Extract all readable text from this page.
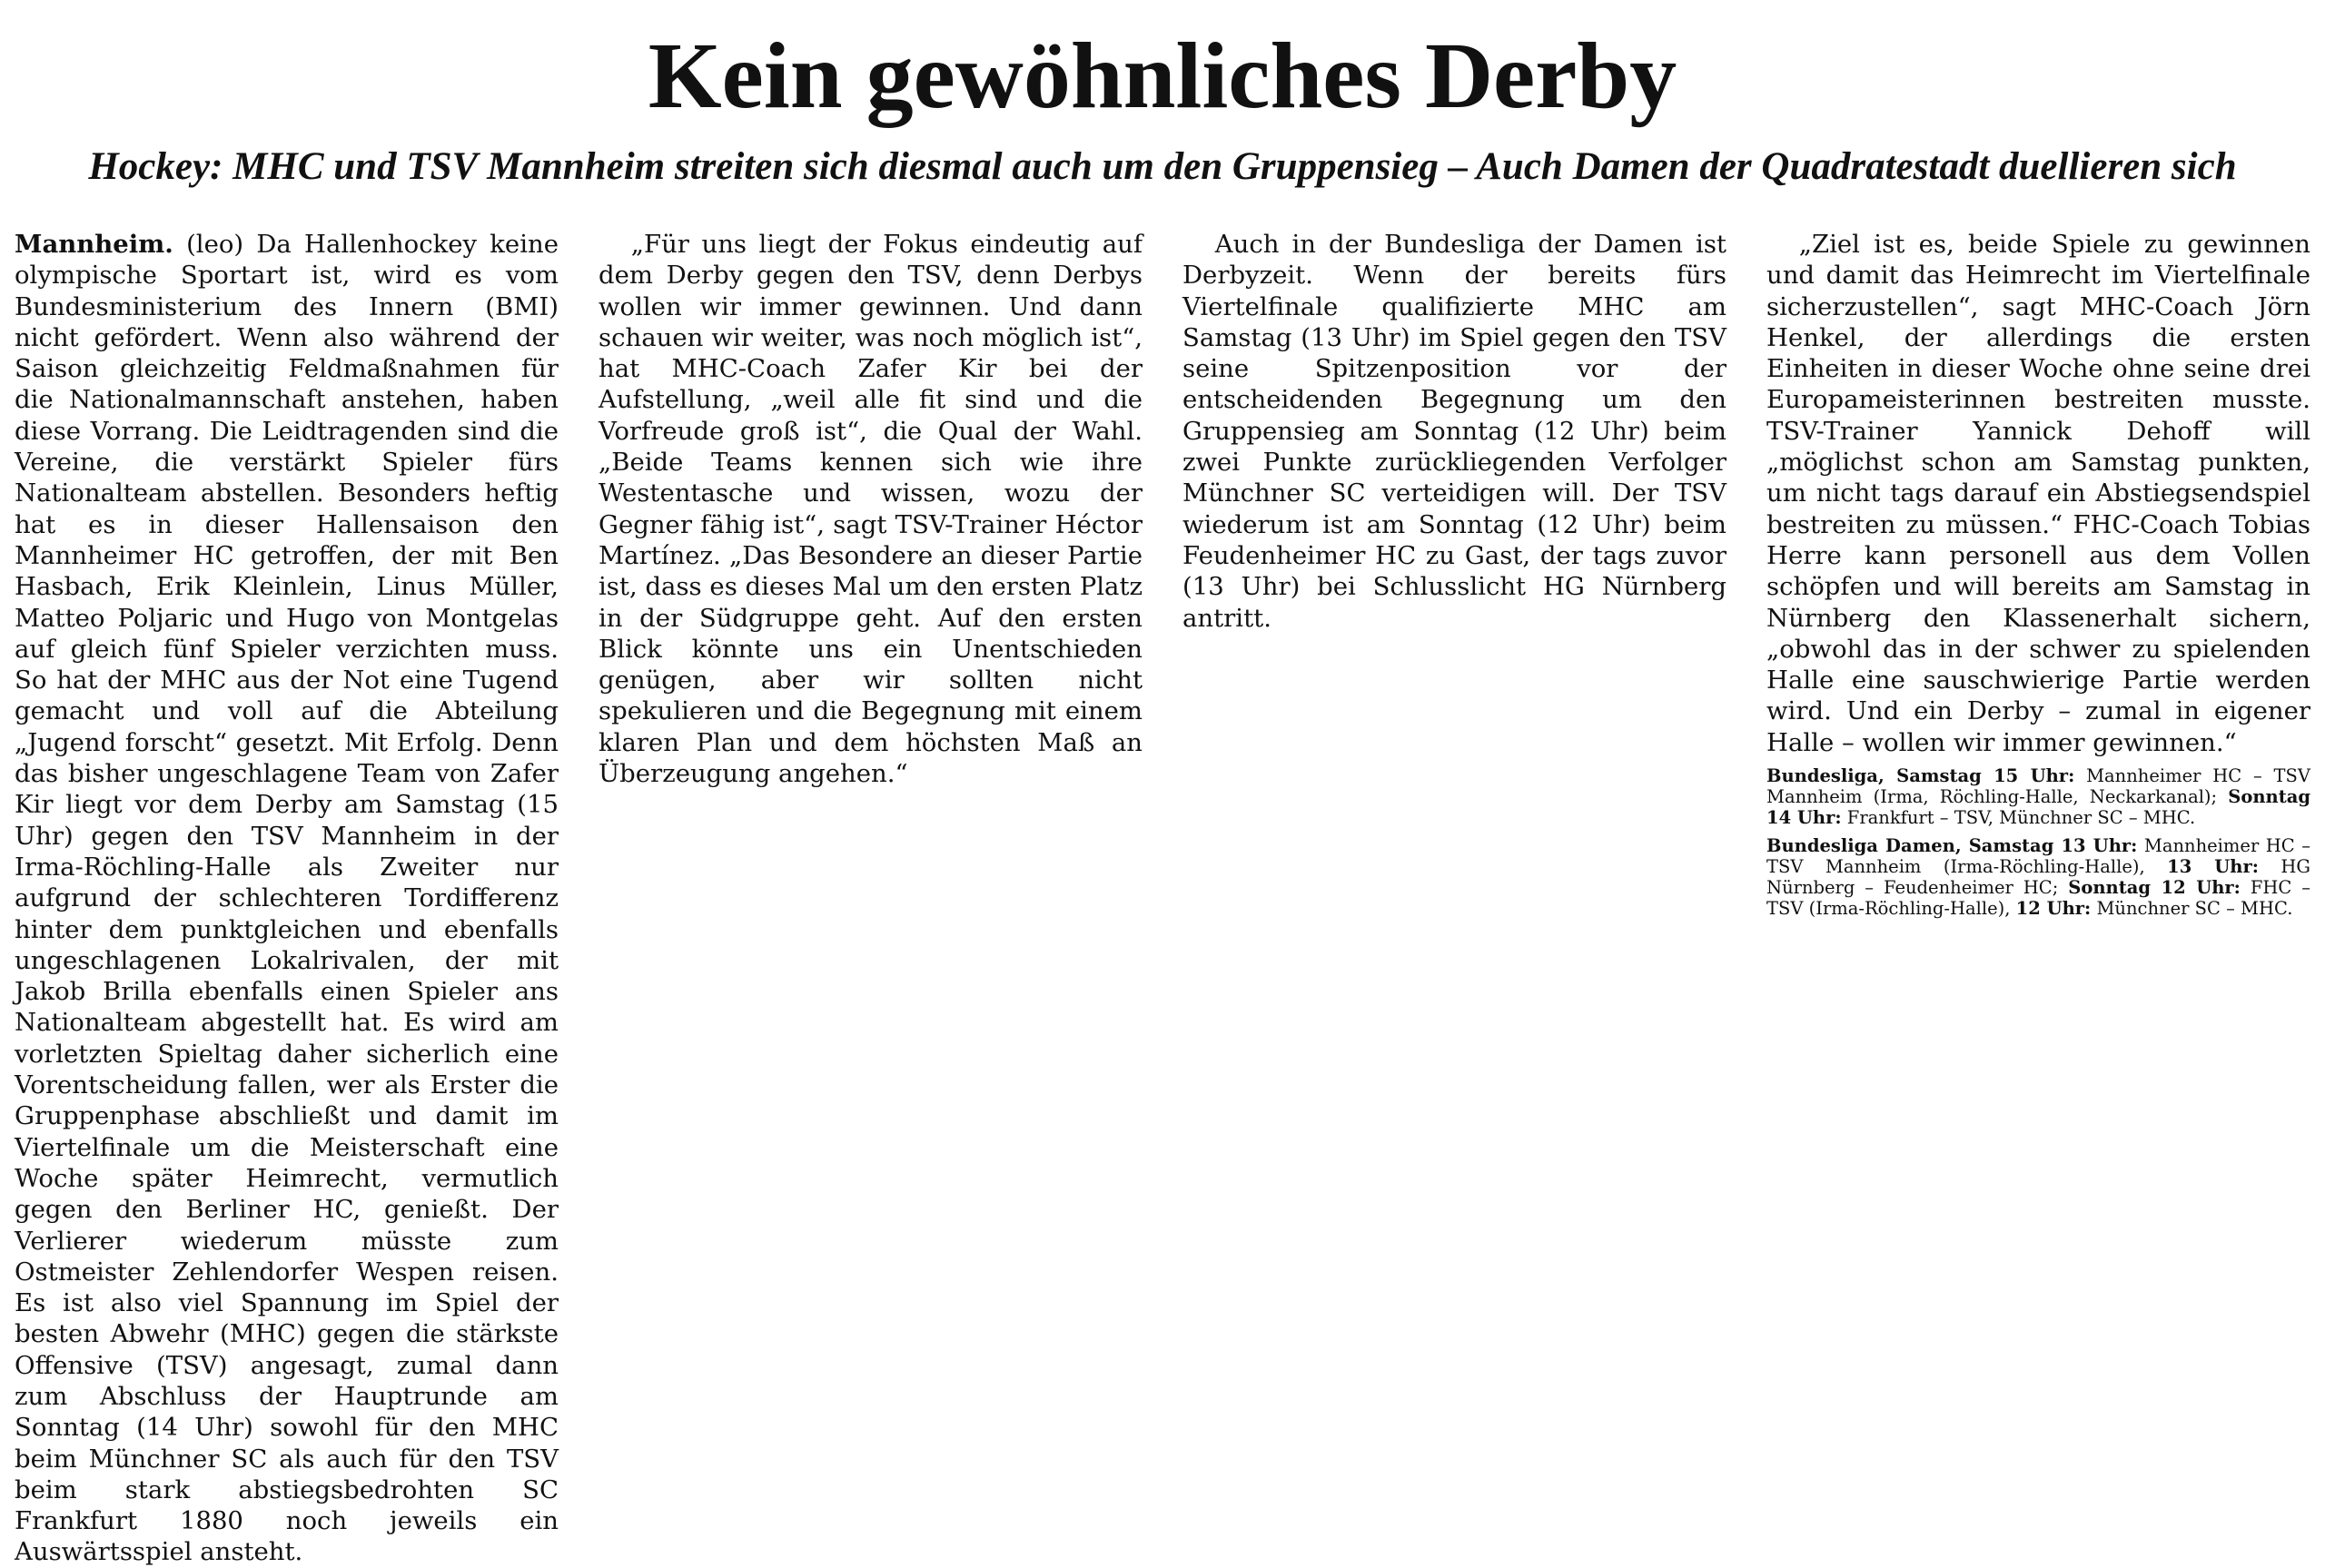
Kein gewöhnliches Derby
Hockey: MHC und TSV Mannheim streiten sich diesmal auch um den Gruppensieg – Auch Damen der Quadratestadt duellieren sich

Mannheim. (leo) Da Hallenhockey keine olympische Sportart ist, wird es vom Bundesministerium des Innern (BMI) nicht gefördert. Wenn also während der Saison gleichzeitig Feldmaßnahmen für die Nationalmannschaft anstehen, haben diese Vorrang. Die Leidtragenden sind die Vereine, die verstärkt Spieler fürs Nationalteam abstellen. Besonders heftig hat es in dieser Hallensaison den Mannheimer HC getroffen, der mit Ben Hasbach, Erik Kleinlein, Linus Müller, Matteo Poljaric und Hugo von Montgelas auf gleich fünf Spieler verzichten muss. So hat der MHC aus der Not eine Tugend gemacht und voll auf die Abteilung „Jugend forscht“ gesetzt. Mit Erfolg. Denn das bisher ungeschlagene Team von Zafer Kir liegt vor dem Derby am Samstag (15 Uhr) gegen den TSV Mannheim in der Irma-Röchling-Halle als Zweiter nur aufgrund der schlechteren Tordifferenz hinter dem punktgleichen und ebenfalls ungeschlagenen Lokalrivalen, der mit Jakob Brilla ebenfalls einen Spieler ans Nationalteam abgestellt hat. Es wird am vorletzten Spieltag daher sicherlich eine Vorentscheidung fallen, wer als Erster die Gruppenphase abschließt und damit im Viertelfinale um die Meisterschaft eine Woche später Heimrecht, vermutlich gegen den Berliner HC, genießt. Der Verlierer wiederum müsste zum Ostmeister Zehlendorfer Wespen reisen. Es ist also viel Spannung im Spiel der besten Abwehr (MHC) gegen die stärkste Offensive (TSV) angesagt, zumal dann zum Abschluss der Hauptrunde am Sonntag (14 Uhr) sowohl für den MHC beim Münchner SC als auch für den TSV beim stark abstiegsbedrohten SC Frankfurt 1880 noch jeweils ein Auswärtsspiel ansteht.

„Für uns liegt der Fokus eindeutig auf dem Derby gegen den TSV, denn Derbys wollen wir immer gewinnen. Und dann schauen wir weiter, was noch möglich ist“, hat MHC-Coach Zafer Kir bei der Aufstellung, „weil alle fit sind und die Vorfreude groß ist“, die Qual der Wahl. „Beide Teams kennen sich wie ihre Westentasche und wissen, wozu der Gegner fähig ist“, sagt TSV-Trainer Héctor Martínez. „Das Besondere an dieser Partie ist, dass es dieses Mal um den ersten Platz in der Südgruppe geht. Auf den ersten Blick könnte uns ein Unentschieden genügen, aber wir sollten nicht spekulieren und die Begegnung mit einem klaren Plan und dem höchsten Maß an Überzeugung angehen.“

Auch in der Bundesliga der Damen ist Derbyzeit. Wenn der bereits fürs Viertelfinale qualifizierte MHC am Samstag (13 Uhr) im Spiel gegen den TSV seine Spitzenposition vor der entscheidenden Begegnung um den Gruppensieg am Sonntag (12 Uhr) beim zwei Punkte zurückliegenden Verfolger Münchner SC verteidigen will. Der TSV wiederum ist am Sonntag (12 Uhr) beim Feudenheimer HC zu Gast, der tags zuvor (13 Uhr) bei Schlusslicht HG Nürnberg antritt.

„Ziel ist es, beide Spiele zu gewinnen und damit das Heimrecht im Viertelfinale sicherzustellen“, sagt MHC-Coach Jörn Henkel, der allerdings die ersten Einheiten in dieser Woche ohne seine drei Europameisterinnen bestreiten musste. TSV-Trainer Yannick Dehoff will „möglichst schon am Samstag punkten, um nicht tags darauf ein Abstiegsendspiel bestreiten zu müssen.“ FHC-Coach Tobias Herre kann personell aus dem Vollen schöpfen und will bereits am Samstag in Nürnberg den Klassenerhalt sichern, „obwohl das in der schwer zu spielenden Halle eine sauschwierige Partie werden wird. Und ein Derby – zumal in eigener Halle – wollen wir immer gewinnen.“

Bundesliga, Samstag 15 Uhr: Mannheimer HC – TSV Mannheim (Irma, Röchling-Halle, Neckarkanal); Sonntag 14 Uhr: Frankfurt – TSV, Münchner SC – MHC.

Bundesliga Damen, Samstag 13 Uhr: Mannheimer HC – TSV Mannheim (Irma-Röchling-Halle), 13 Uhr: HG Nürnberg – Feudenheimer HC; Sonntag 12 Uhr: FHC – TSV (Irma-Röchling-Halle), 12 Uhr: Münchner SC – MHC.
